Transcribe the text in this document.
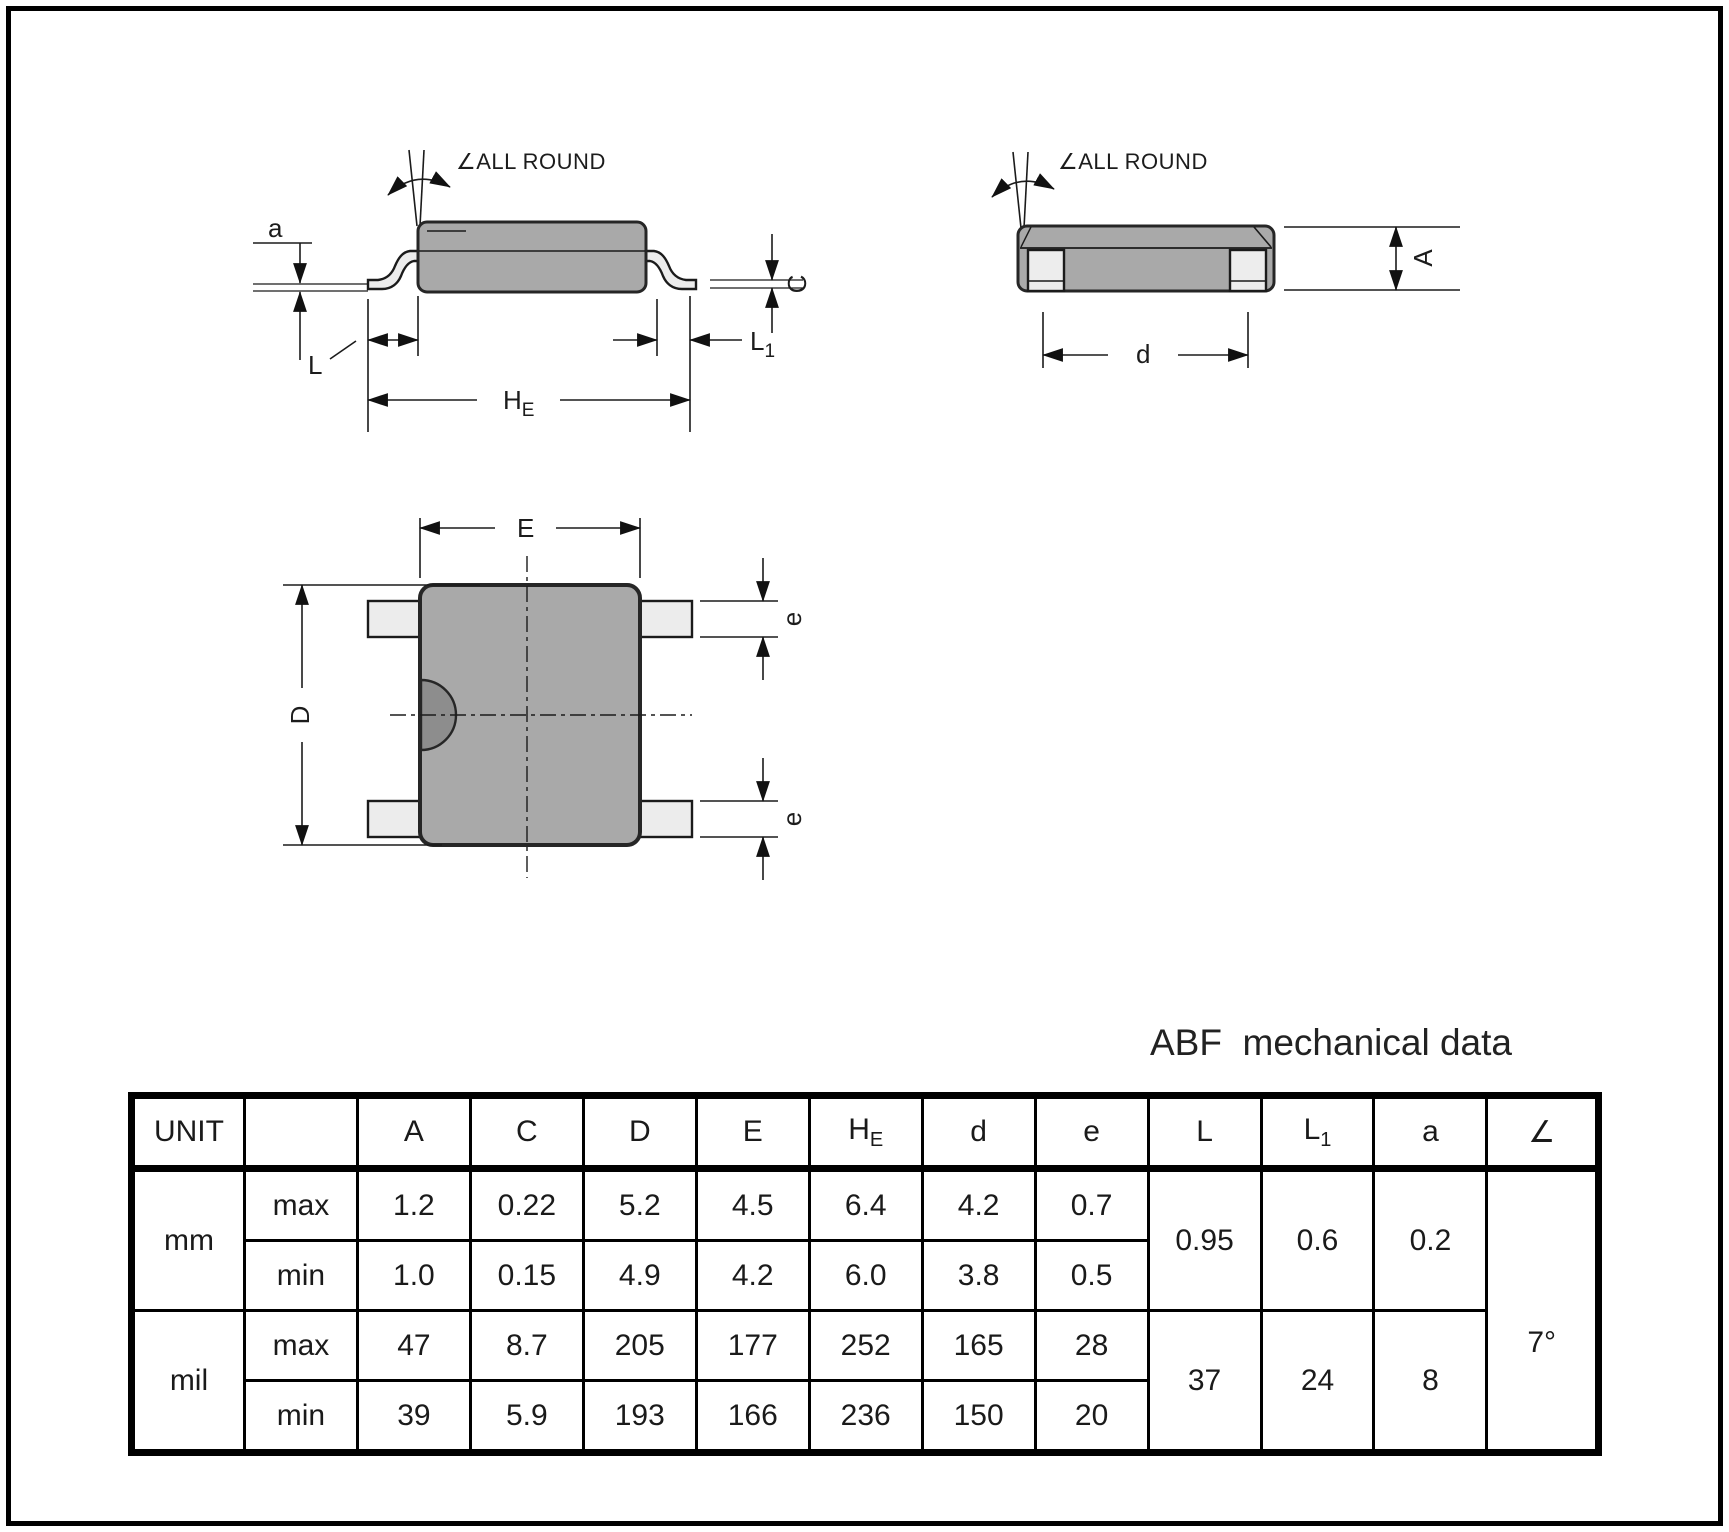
∠ALL ROUND
a
L
$L_1$
$H_E$
C
∠ALL ROUND
A
d
E
D
e
e
ABF  mechanical data
UNIT		A	C	D	E	$H_E$	d	e	L	$L_1$	a	∠
mm	max	1.2	0.22	5.2	4.5	6.4	4.2	0.7	0.95	0.6	0.2	7°
	min	1.0	0.15	4.9	4.2	6.0	3.8	0.5				
mil	max	47	8.7	205	177	252	165	28	37	24	8	
	min	39	5.9	193	166	236	150	20				
